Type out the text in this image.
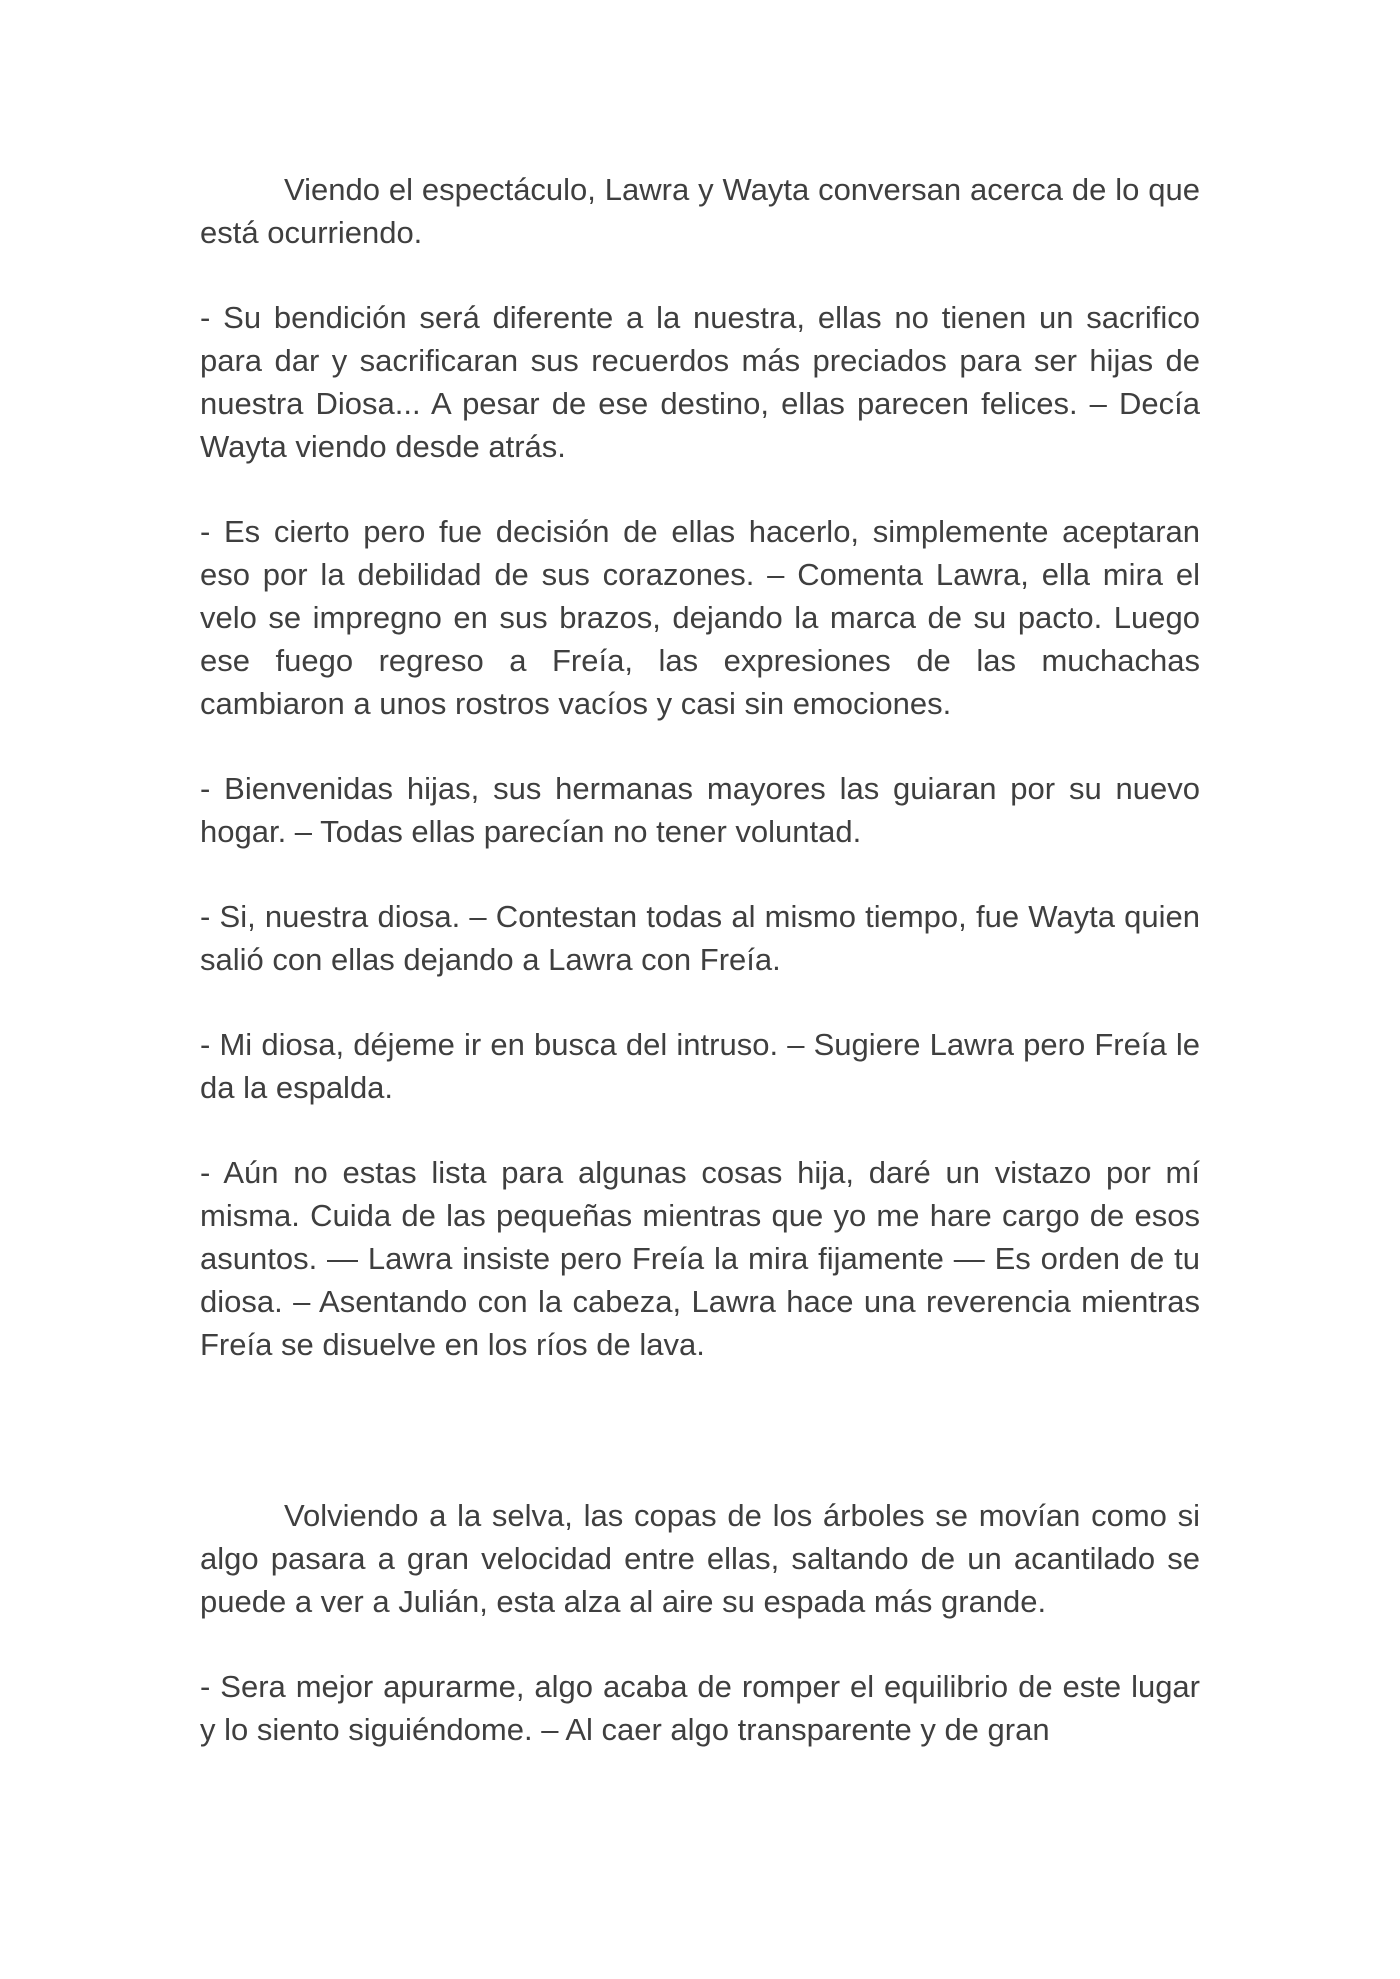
Viendo el espectáculo, Lawra y Wayta conversan acerca de lo que está ocurriendo.

- Su bendición será diferente a la nuestra, ellas no tienen un sacrifico para dar y sacrificaran sus recuerdos más preciados para ser hijas de nuestra Diosa... A pesar de ese destino, ellas parecen felices. – Decía Wayta viendo desde atrás.

- Es cierto pero fue decisión de ellas hacerlo, simplemente aceptaran eso por la debilidad de sus corazones. – Comenta Lawra, ella mira el velo se impregno en sus brazos, dejando la marca de su pacto. Luego ese fuego regreso a Freía, las expresiones de las muchachas cambiaron a unos rostros vacíos y casi sin emociones.

- Bienvenidas hijas, sus hermanas mayores las guiaran por su nuevo hogar. – Todas ellas parecían no tener voluntad.

- Si, nuestra diosa. – Contestan todas al mismo tiempo, fue Wayta quien salió con ellas dejando a Lawra con Freía.

- Mi diosa, déjeme ir en busca del intruso. – Sugiere Lawra pero Freía le da la espalda.

- Aún no estas lista para algunas cosas hija, daré un vistazo por mí misma. Cuida de las pequeñas mientras que yo me hare cargo de esos asuntos. — Lawra insiste pero Freía la mira fijamente — Es orden de tu diosa. – Asentando con la cabeza, Lawra hace una reverencia mientras Freía se disuelve en los ríos de lava.

Volviendo a la selva, las copas de los árboles se movían como si algo pasara a gran velocidad entre ellas, saltando de un acantilado se puede a ver a Julián, esta alza al aire su espada más grande.

- Sera mejor apurarme, algo acaba de romper el equilibrio de este lugar y lo siento siguiéndome. – Al caer algo transparente y de gran
